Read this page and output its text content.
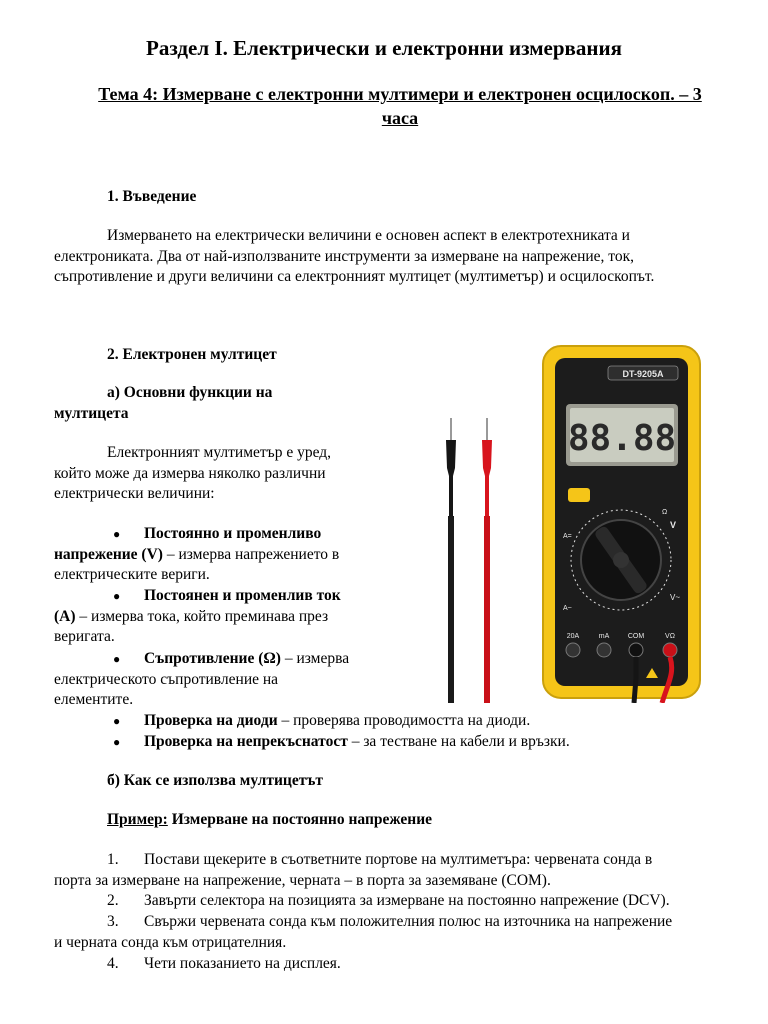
Раздел I. Електрически и електронни измервания
Тема 4: Измерване с електронни мултимери и електронен осцилоскоп. – 3
часа

1. Въведение

Измерването на електрически величини е основен аспект в електротехниката и

електрониката. Два от най-използваните инструменти за измерване на напрежение, ток,

съпротивление и други величини са електронният мултицет (мултиметър) и осцилоскопът.

2. Електронен мултицет

а) Основни функции на

мултицета

Електронният мултиметър е уред,

който може да измерва няколко различни

електрически величини:

● Постоянно и променливо

напрежение (V) – измерва напрежението в

електрическите вериги.

● Постоянен и променлив ток

(А) – измерва тока, който преминава през

веригата.

● Съпротивление (Ω) – измерва

електрическото съпротивление на

елементите.

● Проверка на диоди – проверява проводимостта на диоди.

● Проверка на непрекъснатост – за тестване на кабели и връзки.

б) Как се използва мултицетът

Пример: Измерване на постоянно напрежение

1. Постави щекерите в съответните портове на мултиметъра: червената сонда в

порта за измерване на напрежение, черната – в порта за заземяване (COM).

2. Завърти селектора на позицията за измерване на постоянно напрежение (DCV).

3. Свържи червената сонда към положителния полюс на източника на напрежение

и черната сонда към отрицателния.

4. Чети показанието на дисплея.

DT-9205A
88.88
A=
A~
V
Ω
V~
20A	mA	COM	VΩ
